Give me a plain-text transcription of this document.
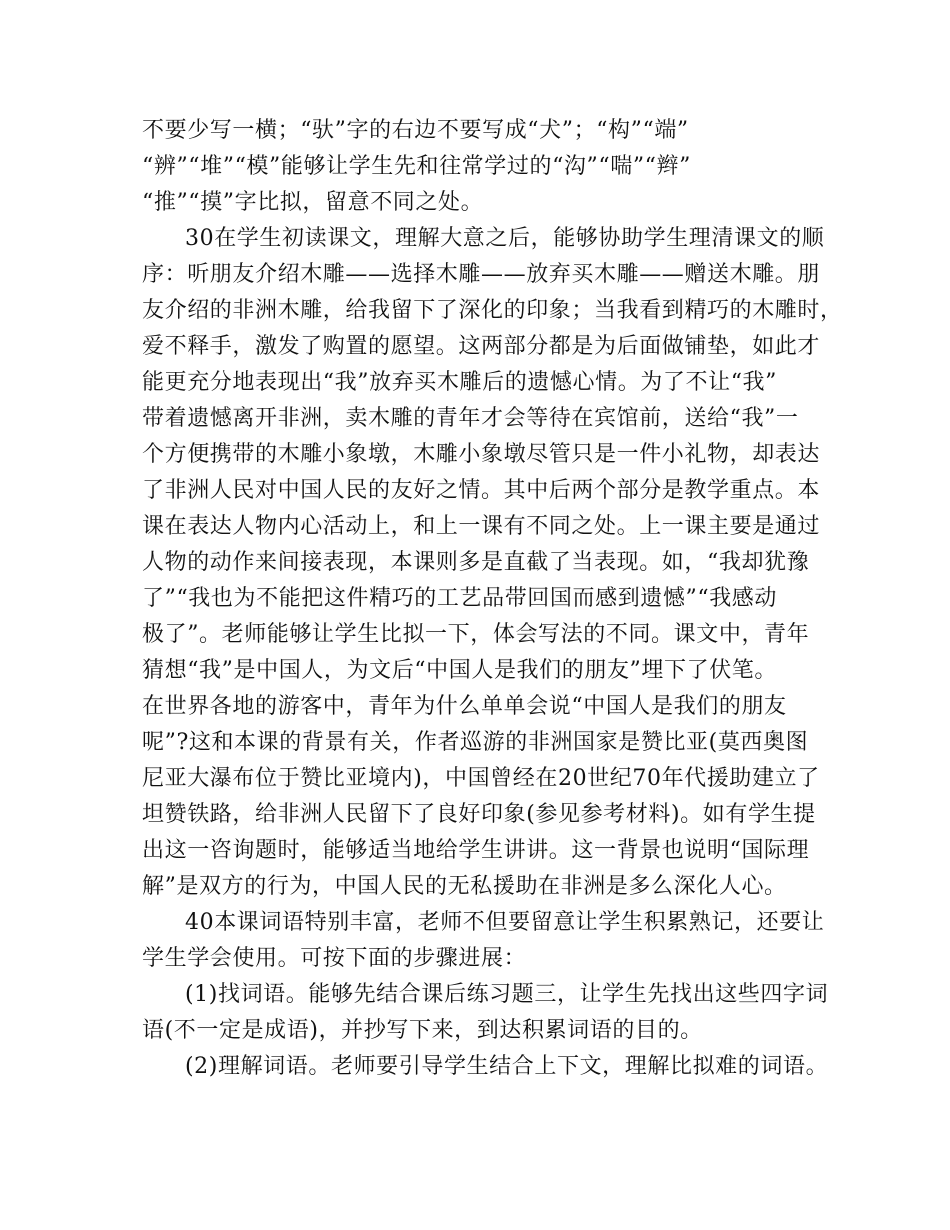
不要少写一横；“驮”字的右边不要写成“犬”；“构”“端”
“辨”“堆”“模”能够让学生先和往常学过的“沟”“喘”“辫”
“推”“摸”字比拟，留意不同之处。
30在学生初读课文，理解大意之后，能够协助学生理清课文的顺
序：听朋友介绍木雕——选择木雕——放弃买木雕——赠送木雕。朋
友介绍的非洲木雕，给我留下了深化的印象；当我看到精巧的木雕时，
爱不释手，激发了购置的愿望。这两部分都是为后面做铺垫，如此才
能更充分地表现出“我”放弃买木雕后的遗憾心情。为了不让“我”
带着遗憾离开非洲，卖木雕的青年才会等待在宾馆前，送给“我”一
个方便携带的木雕小象墩，木雕小象墩尽管只是一件小礼物，却表达
了非洲人民对中国人民的友好之情。其中后两个部分是教学重点。本
课在表达人物内心活动上，和上一课有不同之处。上一课主要是通过
人物的动作来间接表现，本课则多是直截了当表现。如，“我却犹豫
了”“我也为不能把这件精巧的工艺品带回国而感到遗憾”“我感动
极了”。老师能够让学生比拟一下，体会写法的不同。课文中，青年
猜想“我”是中国人，为文后“中国人是我们的朋友”埋下了伏笔。
在世界各地的游客中，青年为什么单单会说“中国人是我们的朋友
呢”?这和本课的背景有关，作者巡游的非洲国家是赞比亚(莫西奥图
尼亚大瀑布位于赞比亚境内)，中国曾经在20世纪70年代援助建立了
坦赞铁路，给非洲人民留下了良好印象(参见参考材料)。如有学生提
出这一咨询题时，能够适当地给学生讲讲。这一背景也说明“国际理
解”是双方的行为，中国人民的无私援助在非洲是多么深化人心。
40本课词语特别丰富，老师不但要留意让学生积累熟记，还要让
学生学会使用。可按下面的步骤进展：
(1)找词语。能够先结合课后练习题三，让学生先找出这些四字词
语(不一定是成语)，并抄写下来，到达积累词语的目的。
(2)理解词语。老师要引导学生结合上下文，理解比拟难的词语。
